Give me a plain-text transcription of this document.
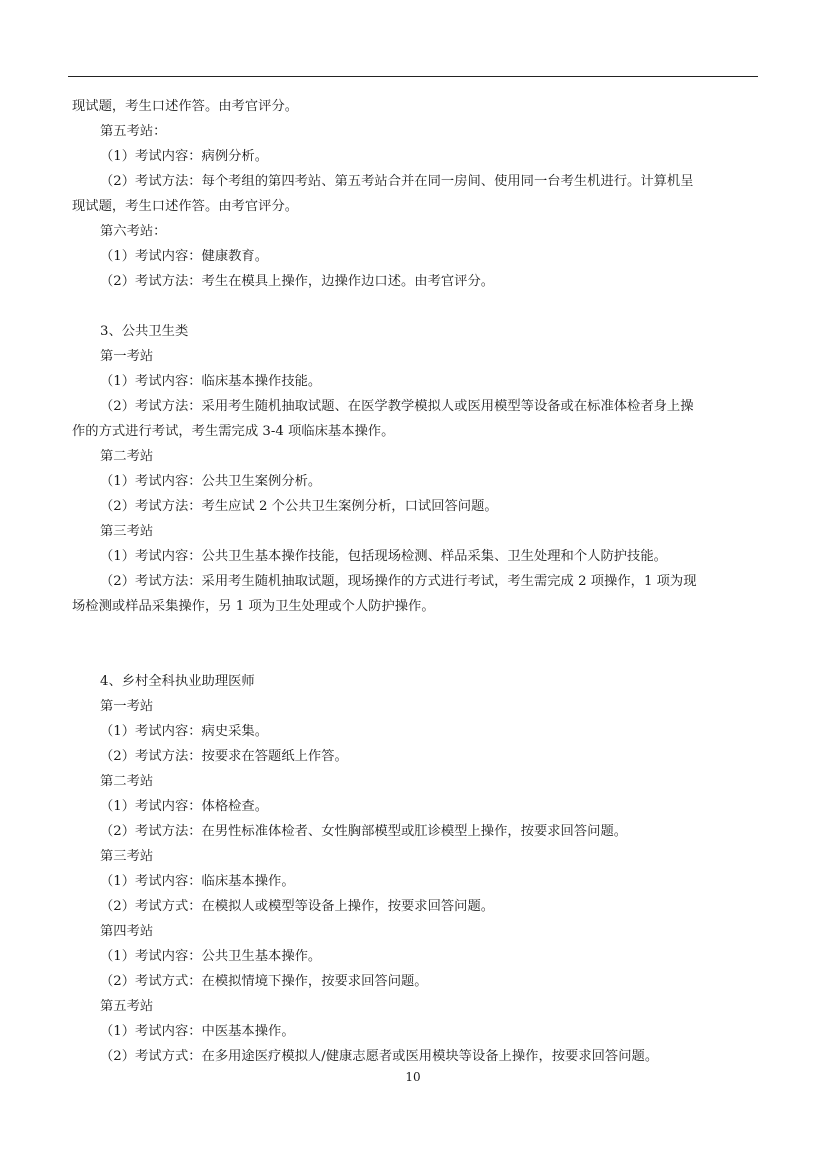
现试题，考生口述作答。由考官评分。
第五考站：
（1）考试内容：病例分析。
（2）考试方法：每个考组的第四考站、第五考站合并在同一房间、使用同一台考生机进行。计算机呈
现试题，考生口述作答。由考官评分。
第六考站：
（1）考试内容：健康教育。
（2）考试方法：考生在模具上操作，边操作边口述。由考官评分。
3、公共卫生类
第一考站
（1）考试内容：临床基本操作技能。
（2）考试方法：采用考生随机抽取试题、在医学教学模拟人或医用模型等设备或在标准体检者身上操
作的方式进行考试，考生需完成 3-4 项临床基本操作。
第二考站
（1）考试内容：公共卫生案例分析。
（2）考试方法：考生应试 2 个公共卫生案例分析，口试回答问题。
第三考站
（1）考试内容：公共卫生基本操作技能，包括现场检测、样品采集、卫生处理和个人防护技能。
（2）考试方法：采用考生随机抽取试题，现场操作的方式进行考试，考生需完成 2 项操作，1 项为现
场检测或样品采集操作，另 1 项为卫生处理或个人防护操作。
4、乡村全科执业助理医师
第一考站
（1）考试内容：病史采集。
（2）考试方法：按要求在答题纸上作答。
第二考站
（1）考试内容：体格检查。
（2）考试方法：在男性标准体检者、女性胸部模型或肛诊模型上操作，按要求回答问题。
第三考站
（1）考试内容：临床基本操作。
（2）考试方式：在模拟人或模型等设备上操作，按要求回答问题。
第四考站
（1）考试内容：公共卫生基本操作。
（2）考试方式：在模拟情境下操作，按要求回答问题。
第五考站
（1）考试内容：中医基本操作。
（2）考试方式：在多用途医疗模拟人/健康志愿者或医用模块等设备上操作，按要求回答问题。
10
